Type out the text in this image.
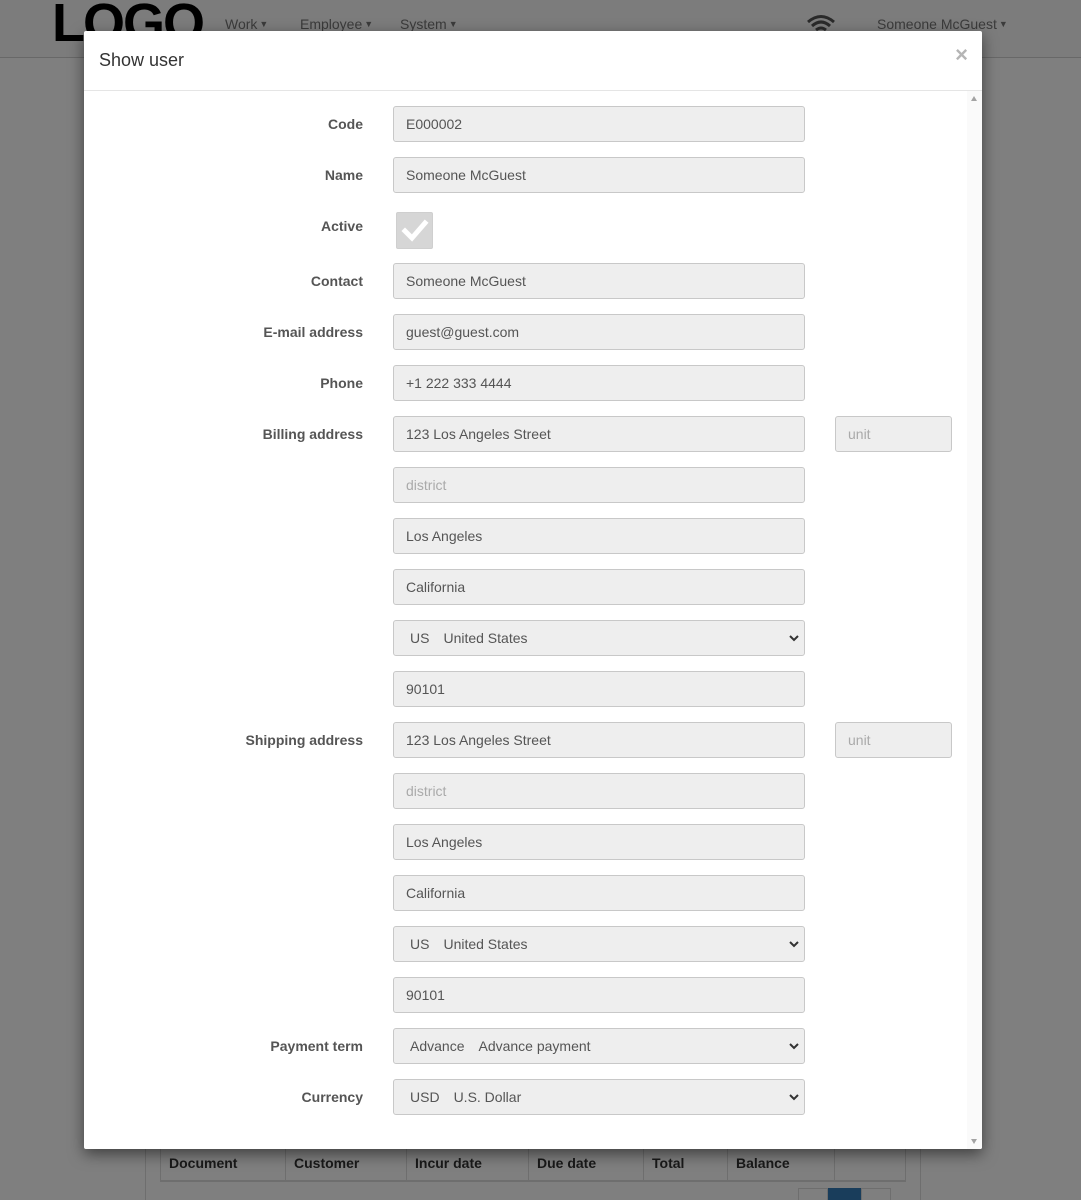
Show user	×
Code	E000002
Name	Someone McGuest
Active
Contact	Someone McGuest
E-mail address	guest@guest.com
Phone	+1 222 333 4444
Billing address	123 Los Angeles Street	unit
district
Los Angeles
California
US United States
90101
Shipping address	123 Los Angeles Street	unit
district
Los Angeles
California
US United States
90101
Payment term	Advance Advance payment
Currency	USD U.S. Dollar
